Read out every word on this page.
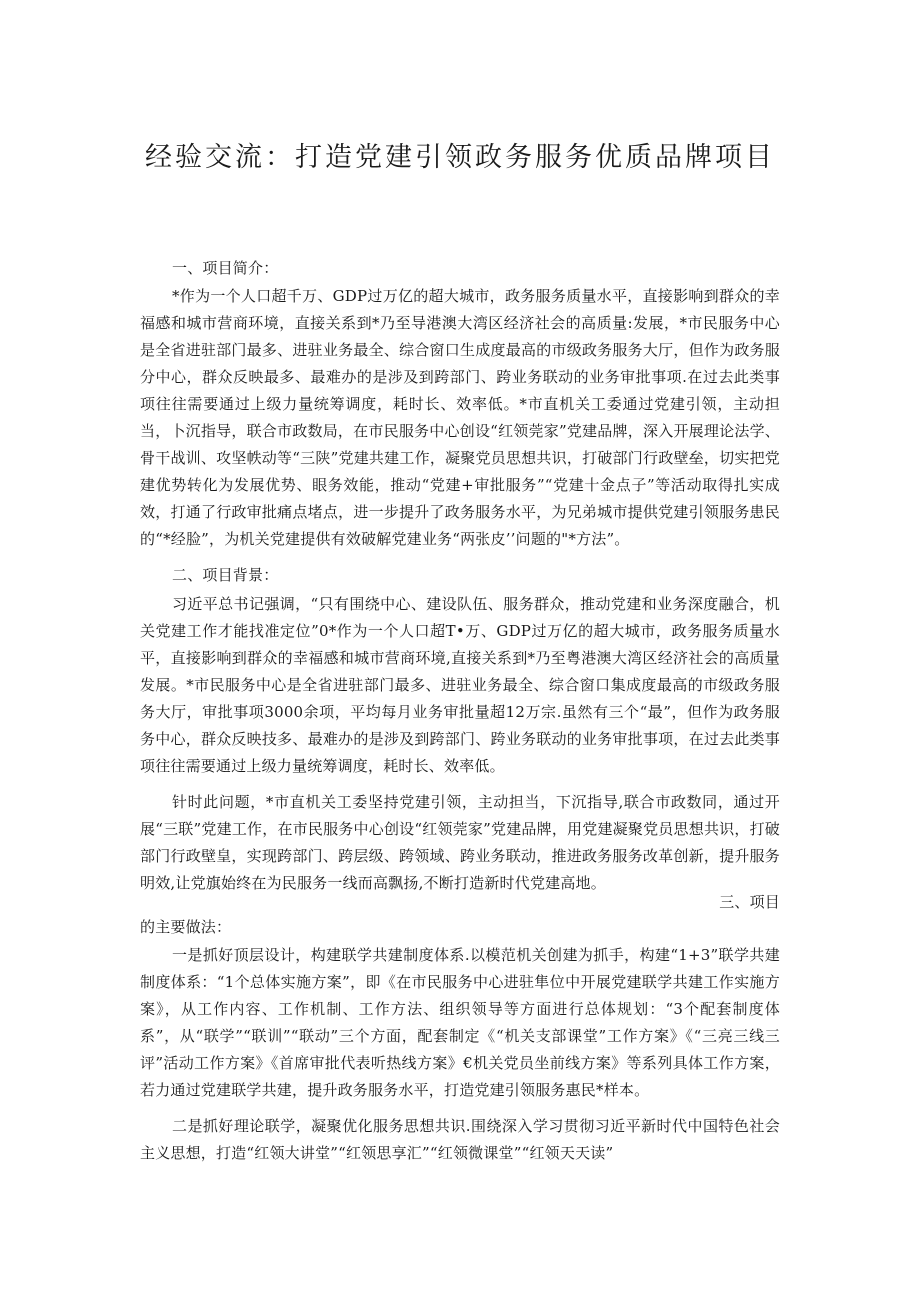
经验交流：打造党建引领政务服务优质品牌项目

一、项目简介：

*作为一个人口超千万、GDP过万亿的超大城市，政务服务质量水平，直接影响到群众的幸福感和城市营商环境，直接关系到*乃至导港澳大湾区经济社会的高质量:发展，*市民服务中心是全省进驻部门最多、进驻业务最全、综合窗口生成度最高的市级政务服务大厅，但作为政务服分中心，群众反映最多、最难办的是涉及到跨部门、跨业务联动的业务审批事项.在过去此类事项往往需要通过上级力量统筹调度，耗时长、效率低。*市直机关工委通过党建引领，主动担当，卜沉指导，联合市政数局，在市民服务中心创设“红领莞家”党建品牌，深入开展理论法学、骨干战训、攻坚帙动等“三陕”党建共建工作，凝聚党员思想共识，打破部门行政壁垒，切实把党建优势转化为发展优势、眼务效能，推动“党建+审批服务”“党建十金点子”等活动取得扎实成效，打通了行政审批痛点堵点，进一步提升了政务服务水平，为兄弟城市提供党建引领服务患民的“*经脸”，为机关党建提供有效破解党建业务“两张皮’’问题的"*方法”。

二、项目背景：

习近平总书记强调，“只有围绕中心、建设队伍、服务群众，推动党建和业务深度融合，机关党建工作才能找准定位”0*作为一个人口超T•万、GDP过万亿的超大城市，政务服务质量水平，直接影响到群众的幸福感和城市营商环境,直接关系到*乃至粤港澳大湾区经济社会的高质量发展。*市民服务中心是全省进驻部门最多、进驻业务最全、综合窗口集成度最高的市级政务服务大厅，审批事项3000余项，平均每月业务审批量超12万宗.虽然有三个“最”，但作为政务服务中心，群众反映技多、最难办的是涉及到跨部门、跨业务联动的业务审批事项，在过去此类事项往往需要通过上级力量统筹调度，耗时长、效率低。

针时此问题，*市直机关工委坚持党建引领，主动担当，下沉指导,联合市政数同，通过开展“三联”党建工作，在市民服务中心创设“红领莞家”党建品牌，用党建凝聚党员思想共识，打破部门行政壁皇，实现跨部门、跨层级、跨领域、跨业务联动，推进政务服务改革创新，提升服务明效,让党旗始终在为民服务一线而高飘扬,不断打造新时代党建高地。

三、项目

的主要做法：

一是抓好顶层设计，构建联学共建制度体系.以模范机关创建为抓手，构建“1+3”联学共建制度体系：“1个总体实施方案”，即《在市民服务中心进驻隼位中开展党建联学共建工作实施方案》，从工作内容、工作机制、工作方法、组织领导等方面进行总体规划：“3个配套制度体系”，从“联学”“联训”“联动”三个方面，配套制定《“机关支部课堂”工作方案》《“三亮三线三评”活动工作方案》《首席审批代表听热线方案》€机关党员坐前线方案》等系列具体工作方案，若力通过党建联学共建，提升政务服务水平，打造党建引领服务惠民*样本。

二是抓好理论联学，凝聚优化服务思想共识.围绕深入学习贯彻习近平新时代中国特色社会主义思想，打造“红领大讲堂”“红领思享汇”“红领微课堂”“红领天天读”
